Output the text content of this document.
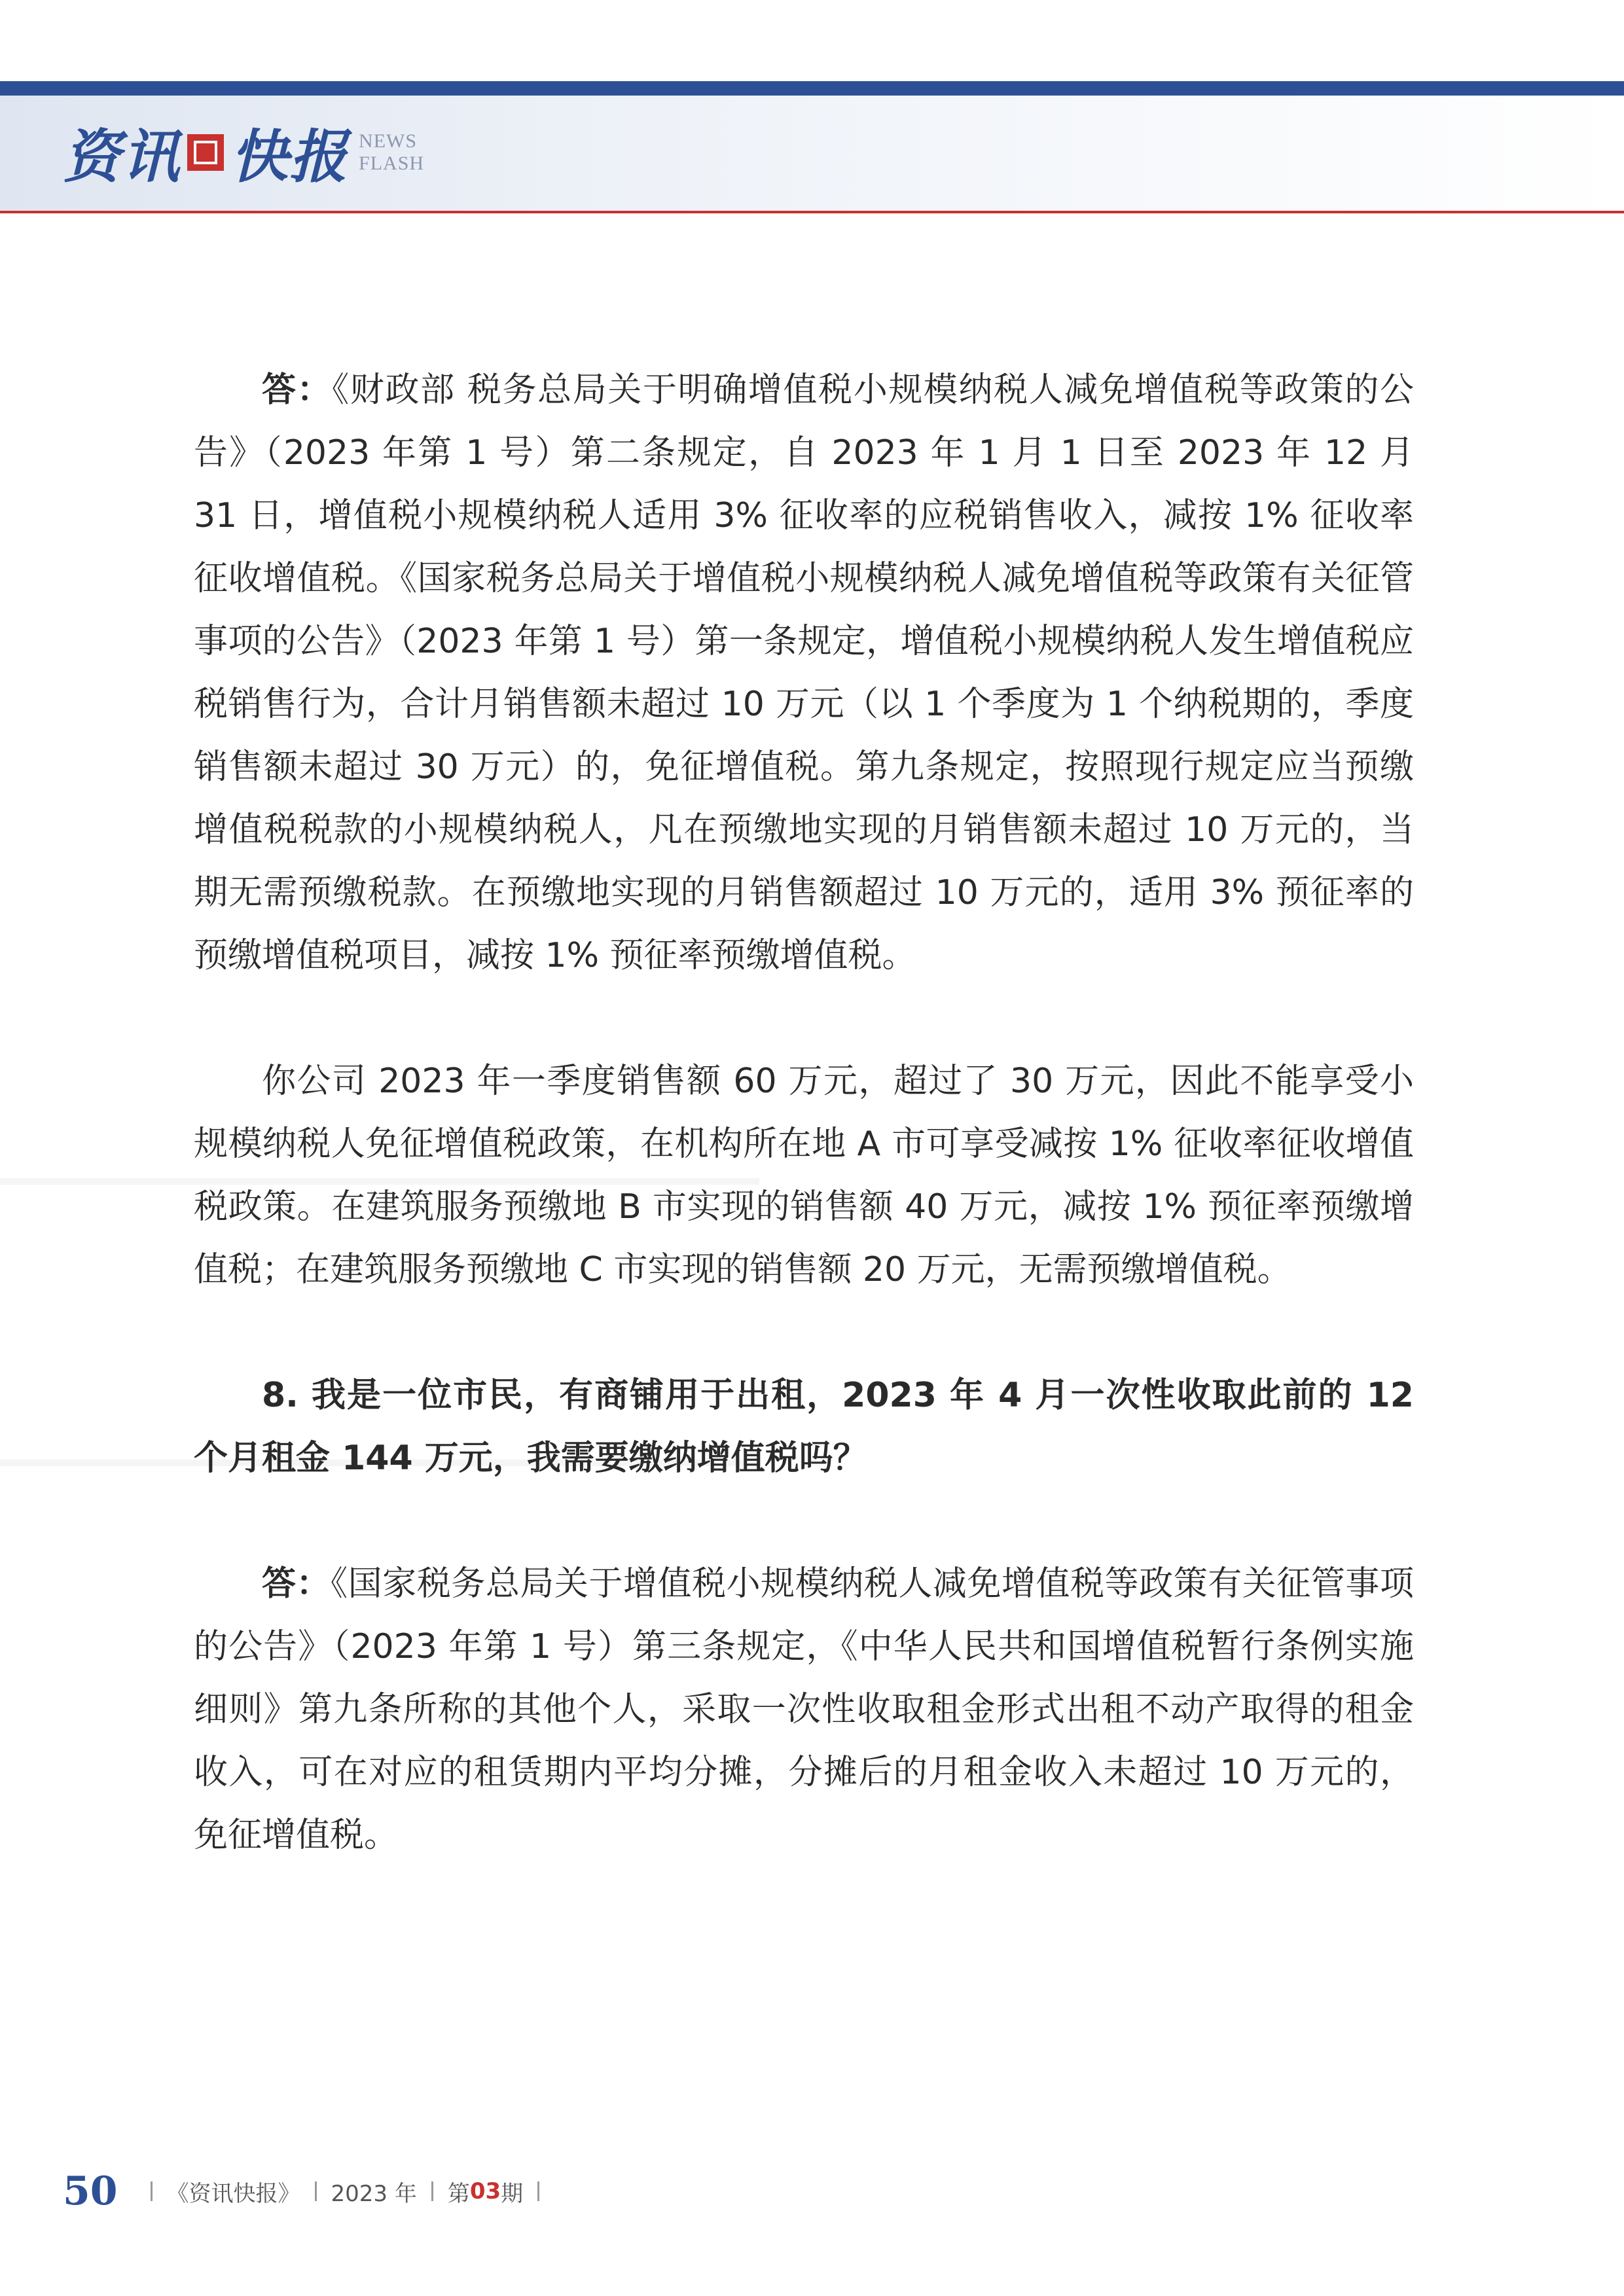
资讯 快报 NEWS
FLASH

答：《财政部 税务总局关于明确增值税小规模纳税人减免增值税等政策的公告》（2023 年第 1 号）第二条规定，自 2023 年 1 月 1 日至 2023 年 12 月 31 日，增值税小规模纳税人适用 3% 征收率的应税销售收入，减按 1% 征收率征收增值税。《国家税务总局关于增值税小规模纳税人减免增值税等政策有关征管事项的公告》（2023 年第 1 号）第一条规定，增值税小规模纳税人发生增值税应税销售行为，合计月销售额未超过 10 万元（以 1 个季度为 1 个纳税期的，季度销售额未超过 30 万元）的，免征增值税。第九条规定，按照现行规定应当预缴增值税税款的小规模纳税人，凡在预缴地实现的月销售额未超过 10 万元的，当期无需预缴税款。在预缴地实现的月销售额超过 10 万元的，适用 3% 预征率的预缴增值税项目，减按 1% 预征率预缴增值税。

你公司 2023 年一季度销售额 60 万元，超过了 30 万元，因此不能享受小规模纳税人免征增值税政策，在机构所在地 A 市可享受减按 1% 征收率征收增值税政策。在建筑服务预缴地 B 市实现的销售额 40 万元，减按 1% 预征率预缴增值税；在建筑服务预缴地 C 市实现的销售额 20 万元，无需预缴增值税。

8. 我是一位市民，有商铺用于出租，2023 年 4 月一次性收取此前的 12 个月租金 144 万元，我需要缴纳增值税吗？

答：《国家税务总局关于增值税小规模纳税人减免增值税等政策有关征管事项的公告》（2023 年第 1 号）第三条规定，《中华人民共和国增值税暂行条例实施细则》第九条所称的其他个人，采取一次性收取租金形式出租不动产取得的租金收入，可在对应的租赁期内平均分摊，分摊后的月租金收入未超过 10 万元的，免征增值税。

50 《资讯快报》 2023 年 第 03 期
